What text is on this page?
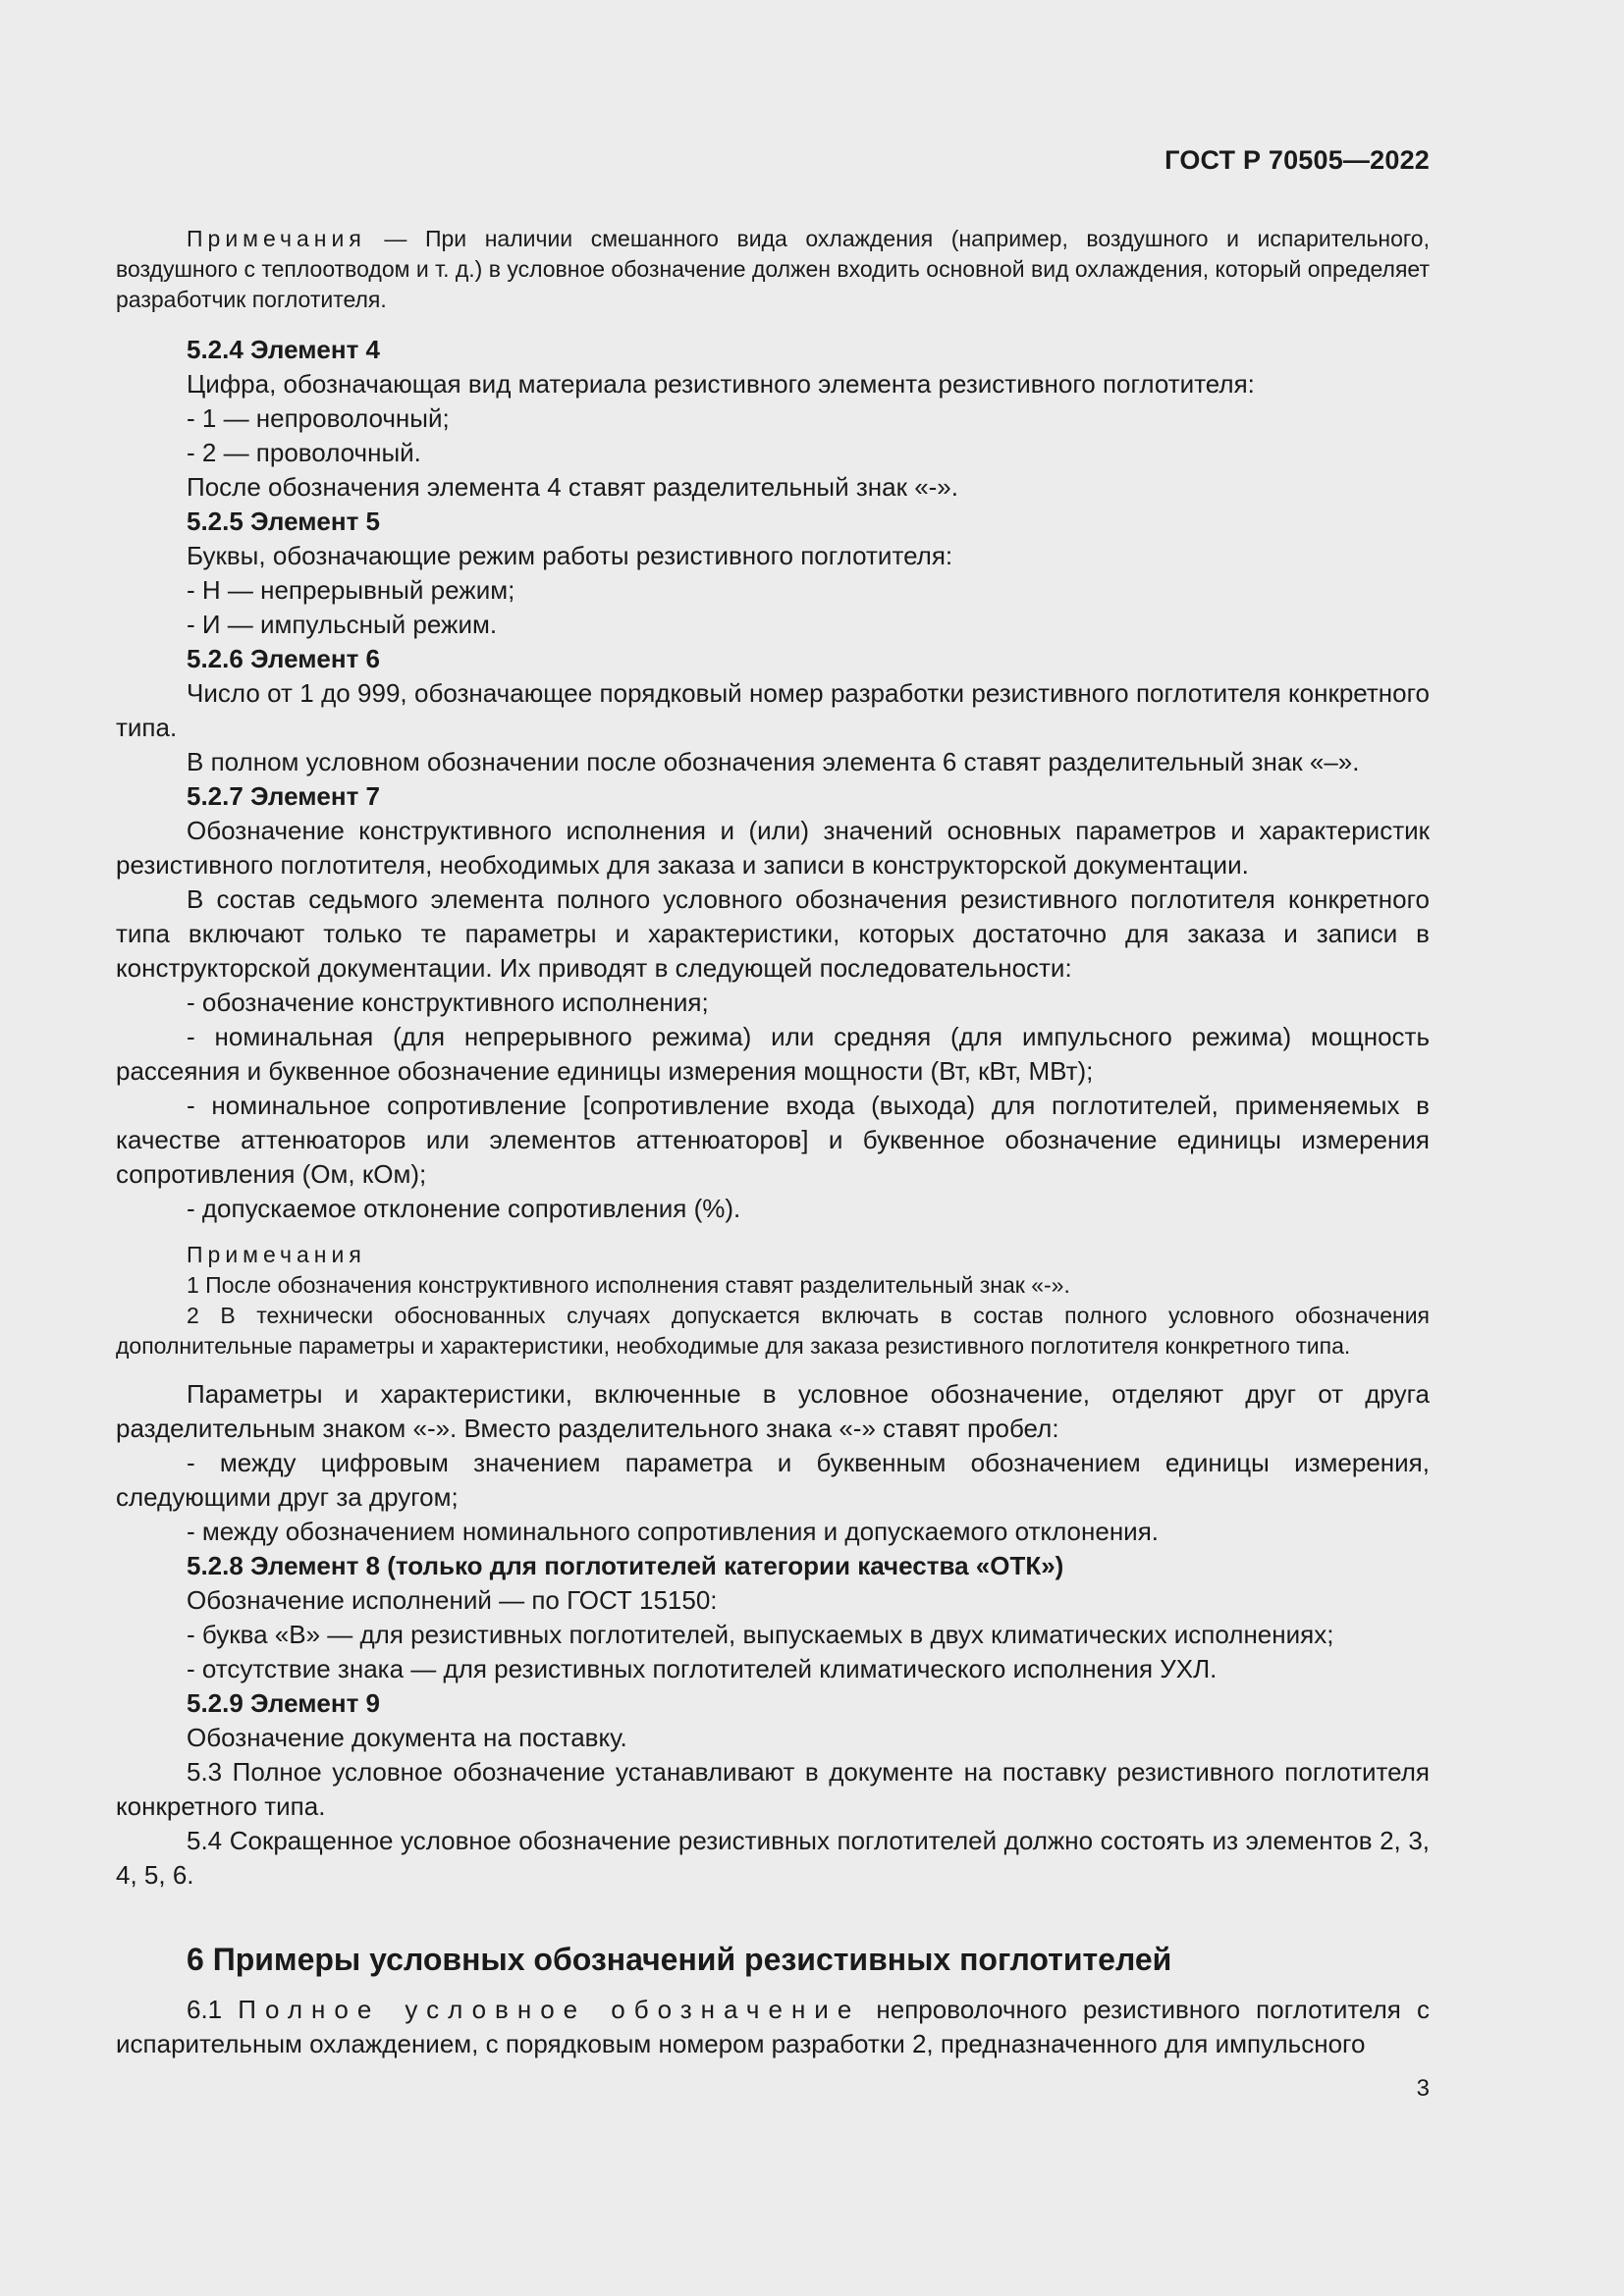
ГОСТ Р 70505—2022

Примечания — При наличии смешанного вида охлаждения (например, воздушного и испарительного, воздушного с теплоотводом и т. д.) в условное обозначение должен входить основной вид охлаждения, который определяет разработчик поглотителя.

5.2.4 Элемент 4

Цифра, обозначающая вид материала резистивного элемента резистивного поглотителя:

- 1 — непроволочный;

- 2 — проволочный.

После обозначения элемента 4 ставят разделительный знак «-».

5.2.5 Элемент 5

Буквы, обозначающие режим работы резистивного поглотителя:

- Н — непрерывный режим;

- И — импульсный режим.

5.2.6 Элемент 6

Число от 1 до 999, обозначающее порядковый номер разработки резистивного поглотителя конкретного типа.

В полном условном обозначении после обозначения элемента 6 ставят разделительный знак «–».

5.2.7 Элемент 7

Обозначение конструктивного исполнения и (или) значений основных параметров и характеристик резистивного поглотителя, необходимых для заказа и записи в конструкторской документации.

В состав седьмого элемента полного условного обозначения резистивного поглотителя конкретного типа включают только те параметры и характеристики, которых достаточно для заказа и записи в конструкторской документации. Их приводят в следующей последовательности:

- обозначение конструктивного исполнения;

- номинальная (для непрерывного режима) или средняя (для импульсного режима) мощность рассеяния и буквенное обозначение единицы измерения мощности (Вт, кВт, МВт);

- номинальное сопротивление [сопротивление входа (выхода) для поглотителей, применяемых в качестве аттенюаторов или элементов аттенюаторов] и буквенное обозначение единицы измерения сопротивления (Ом, кОм);

- допускаемое отклонение сопротивления (%).

Примечания

1 После обозначения конструктивного исполнения ставят разделительный знак «-».

2 В технически обоснованных случаях допускается включать в состав полного условного обозначения дополнительные параметры и характеристики, необходимые для заказа резистивного поглотителя конкретного типа.

Параметры и характеристики, включенные в условное обозначение, отделяют друг от друга разделительным знаком «-». Вместо разделительного знака «-» ставят пробел:

- между цифровым значением параметра и буквенным обозначением единицы измерения, следующими друг за другом;

- между обозначением номинального сопротивления и допускаемого отклонения.

5.2.8 Элемент 8 (только для поглотителей категории качества «ОТК»)

Обозначение исполнений — по ГОСТ 15150:

- буква «В» — для резистивных поглотителей, выпускаемых в двух климатических исполнениях;

- отсутствие знака — для резистивных поглотителей климатического исполнения УХЛ.

5.2.9 Элемент 9

Обозначение документа на поставку.

5.3 Полное условное обозначение устанавливают в документе на поставку резистивного поглотителя конкретного типа.

5.4 Сокращенное условное обозначение резистивных поглотителей должно состоять из элементов 2, 3, 4, 5, 6.

6 Примеры условных обозначений резистивных поглотителей

6.1 Полное условное обозначение непроволочного резистивного поглотителя с испарительным охлаждением, с порядковым номером разработки 2, предназначенного для импульсного

3
